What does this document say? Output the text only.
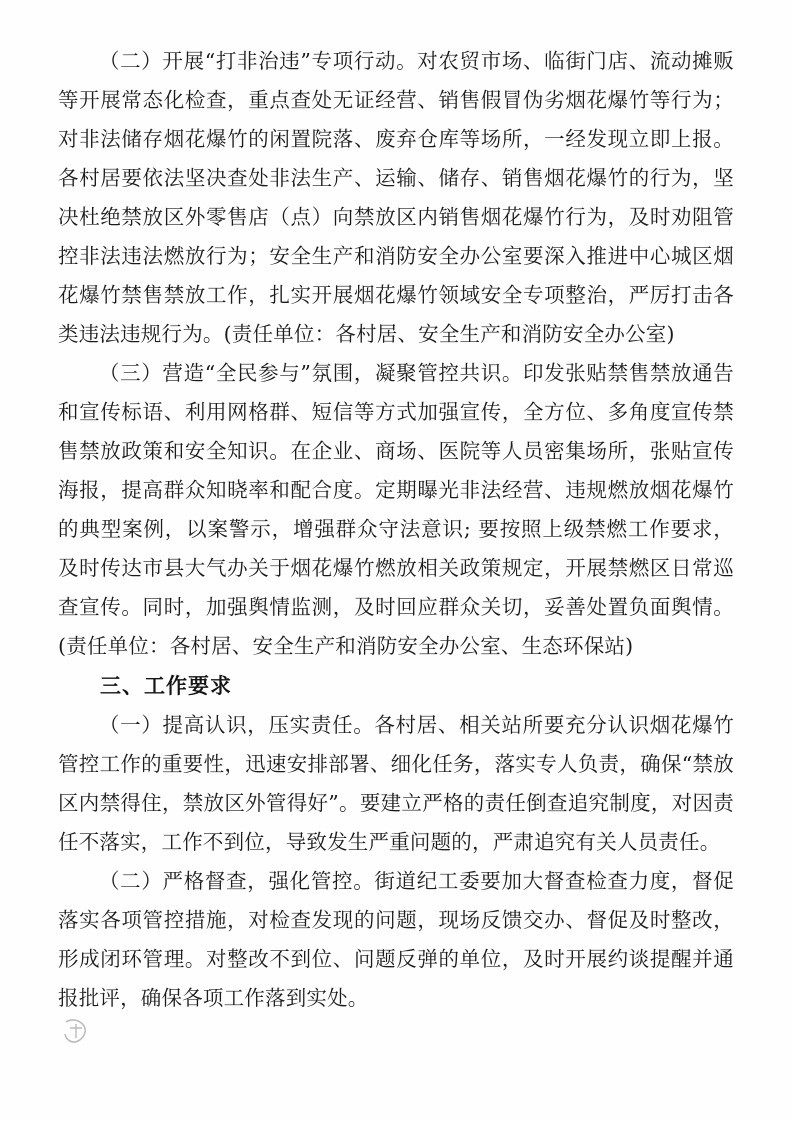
（二）开展“打非治违”专项行动。对农贸市场、临街门店、流动摊贩等开展常态化检查，重点查处无证经营、销售假冒伪劣烟花爆竹等行为；对非法储存烟花爆竹的闲置院落、废弃仓库等场所，一经发现立即上报。各村居要依法坚决查处非法生产、运输、储存、销售烟花爆竹的行为，坚决杜绝禁放区外零售店（点）向禁放区内销售烟花爆竹行为，及时劝阻管控非法违法燃放行为；安全生产和消防安全办公室要深入推进中心城区烟花爆竹禁售禁放工作，扎实开展烟花爆竹领域安全专项整治，严厉打击各类违法违规行为。(责任单位：各村居、安全生产和消防安全办公室)

（三）营造“全民参与”氛围，凝聚管控共识。印发张贴禁售禁放通告和宣传标语、利用网格群、短信等方式加强宣传，全方位、多角度宣传禁售禁放政策和安全知识。在企业、商场、医院等人员密集场所，张贴宣传海报，提高群众知晓率和配合度。定期曝光非法经营、违规燃放烟花爆竹的典型案例，以案警示，增强群众守法意识; 要按照上级禁燃工作要求，及时传达市县大气办关于烟花爆竹燃放相关政策规定，开展禁燃区日常巡查宣传。同时，加强舆情监测，及时回应群众关切，妥善处置负面舆情。(责任单位：各村居、安全生产和消防安全办公室、生态环保站)

三、工作要求

（一）提高认识，压实责任。各村居、相关站所要充分认识烟花爆竹管控工作的重要性，迅速安排部署、细化任务，落实专人负责，确保“禁放区内禁得住，禁放区外管得好”。要建立严格的责任倒查追究制度，对因责任不落实，工作不到位，导致发生严重问题的，严肃追究有关人员责任。

（二）严格督查，强化管控。街道纪工委要加大督查检查力度，督促落实各项管控措施，对检查发现的问题，现场反馈交办、督促及时整改，形成闭环管理。对整改不到位、问题反弹的单位，及时开展约谈提醒并通报批评，确保各项工作落到实处。
